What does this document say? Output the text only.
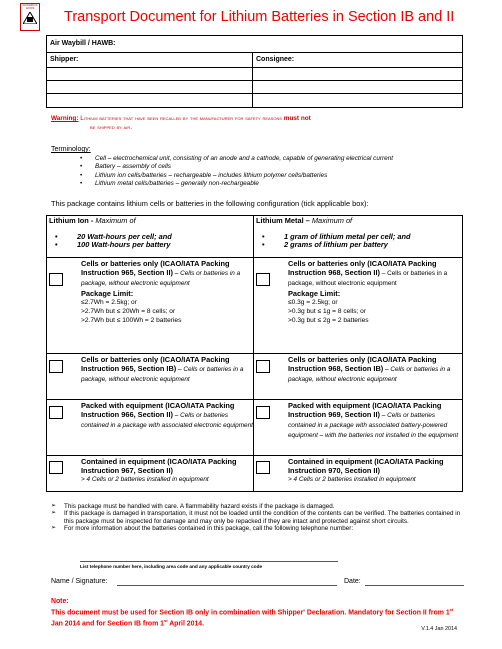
DANGEROUS GOODS
Transport Document for Lithium Batteries in Section IB and II
Air Waybill / HAWB:
Shipper:	Consignee:
Warning: Lithium batteries that have been recalled by the manufacturer for safety reasons must not
be shipped by air.
Terminology:
• Cell – electrochemical unit, consisting of an anode and a cathode, capable of generating electrical current
• Battery – assembly of cells
• Lithium ion cells/batteries – rechargeable – includes lithium polymer cells/batteries
• Lithium metal cells/batteries – generally non-rechargeable
This package contains lithium cells or batteries in the following configuration (tick applicable box):
Lithium Ion - Maximum of
• 20 Watt-hours per cell; and
• 100 Watt-hours per battery
Cells or batteries only (ICAO/IATA Packing Instruction 965, Section II) – Cells or batteries in a package, without electronic equipment
Package Limit:
≤2.7Wh = 2.5kg; or
>2.7Wh but ≤ 20Wh = 8 cells; or
>2.7Wh but ≤ 100Wh = 2 batteries
Cells or batteries only (ICAO/IATA Packing Instruction 965, Section IB) – Cells or batteries in a package, without electronic equipment
Packed with equipment (ICAO/IATA Packing Instruction 966, Section II) – Cells or batteries contained in a package with associated electronic equipment
Contained in equipment (ICAO/IATA Packing Instruction 967, Section II)
> 4 Cells or 2 batteries installed in equipment
Lithium Metal – Maximum of
• 1 gram of lithium metal per cell; and
• 2 grams of lithium per battery
Cells or batteries only (ICAO/IATA Packing Instruction 968, Section II) – Cells or batteries in a package, without electronic equipment
Package Limit:
≤0.3g = 2.5kg; or
>0.3g but ≤ 1g = 8 cells; or
>0.3g but ≤ 2g = 2 batteries
Cells or batteries only (ICAO/IATA Packing Instruction 968, Section IB) – Cells or batteries in a package, without electronic equipment
Packed with equipment (ICAO/IATA Packing Instruction 969, Section II) – Cells or batteries contained in a package with associated battery-powered equipment – with the batteries not installed in the equipment
Contained in equipment (ICAO/IATA Packing Instruction 970, Section II)
> 4 Cells or 2 batteries installed in equipment
➢ This package must be handled with care. A flammability hazard exists if the package is damaged.
➢ If this package is damaged in transportation, it must not be loaded until the condition of the contents can be verified. The batteries contained in this package must be inspected for damage and may only be repacked if they are intact and protected against short circuits.
➢ For more information about the batteries contained in this package, call the following telephone number:
List telephone number here, including area code and any applicable country code
Name / Signature:	Date:
Note:
This document must be used for Section IB only in combination with Shipper' Declaration. Mandatory for Section II from 1st Jan 2014 and for Section IB from 1st April 2014.
V.1.4 Jan 2014
